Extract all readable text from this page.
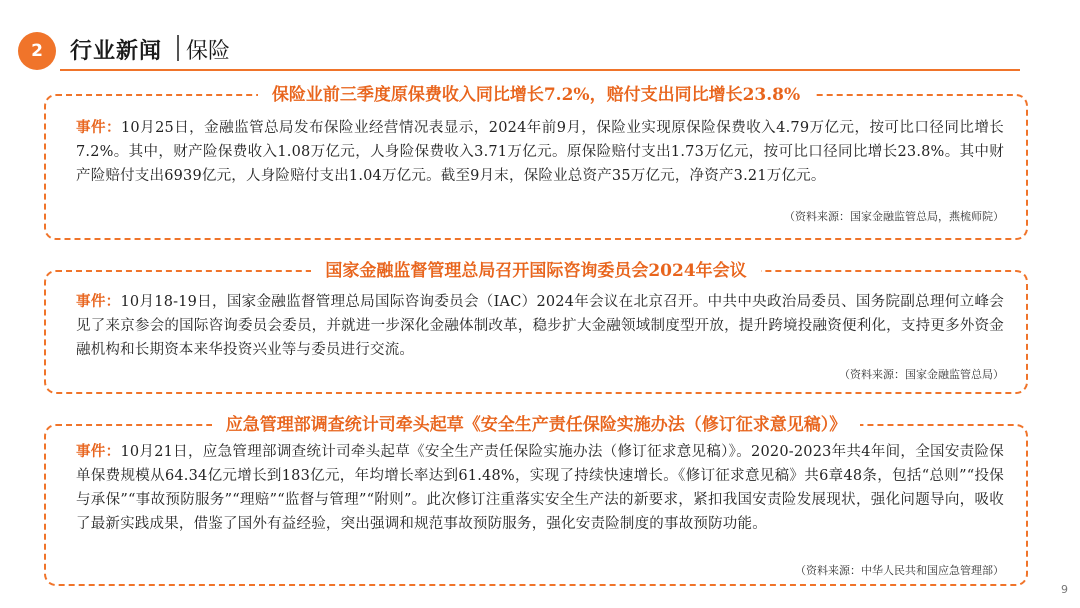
2	行业新闻 保险
保险业前三季度原保费收入同比增长7.2%，赔付支出同比增长23.8%
事件：10月25日，金融监管总局发布保险业经营情况表显示，2024年前9月，保险业实现原保险保费收入4.79万亿元，按可比口径同比增长7.2%。其中，财产险保费收入1.08万亿元，人身险保费收入3.71万亿元。原保险赔付支出1.73万亿元，按可比口径同比增长23.8%。其中财产险赔付支出6939亿元，人身险赔付支出1.04万亿元。截至9月末，保险业总资产35万亿元，净资产3.21万亿元。
（资料来源：国家金融监管总局，燕梳师院）
国家金融监督管理总局召开国际咨询委员会2024年会议
事件：10月18-19日，国家金融监督管理总局国际咨询委员会（IAC）2024年会议在北京召开。中共中央政治局委员、国务院副总理何立峰会见了来京参会的国际咨询委员会委员，并就进一步深化金融体制改革，稳步扩大金融领域制度型开放，提升跨境投融资便利化，支持更多外资金融机构和长期资本来华投资兴业等与委员进行交流。
（资料来源：国家金融监管总局）
应急管理部调查统计司牵头起草《安全生产责任保险实施办法（修订征求意见稿）》
事件：10月21日，应急管理部调查统计司牵头起草《安全生产责任保险实施办法（修订征求意见稿）》。2020-2023年共4年间，全国安责险保单保费规模从64.34亿元增长到183亿元，年均增长率达到61.48%，实现了持续快速增长。《修订征求意见稿》共6章48条，包括“总则”“投保与承保”“事故预防服务”“理赔”“监督与管理”“附则”。此次修订注重落实安全生产法的新要求，紧扣我国安责险发展现状，强化问题导向，吸收了最新实践成果，借鉴了国外有益经验，突出强调和规范事故预防服务，强化安责险制度的事故预防功能。
（资料来源：中华人民共和国应急管理部）
9
